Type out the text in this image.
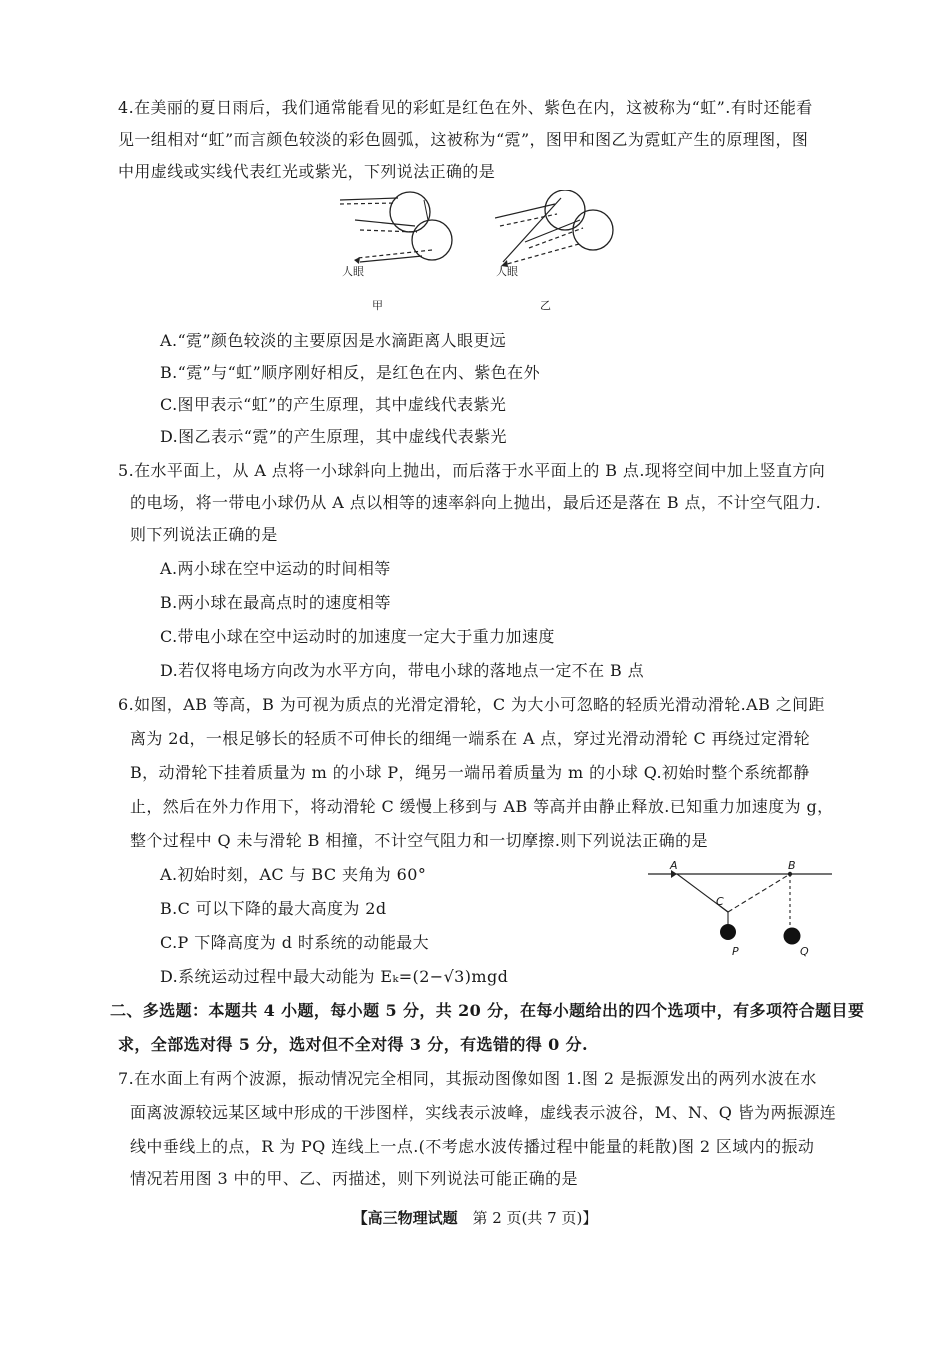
4.在美丽的夏日雨后，我们通常能看见的彩虹是红色在外、紫色在内，这被称为“虹”.有时还能看
见一组相对“虹”而言颜色较淡的彩色圆弧，这被称为“霓”，图甲和图乙为霓虹产生的原理图，图
中用虚线或实线代表红光或紫光，下列说法正确的是
人眼
甲
人眼
乙
A.“霓”颜色较淡的主要原因是水滴距离人眼更远
B.“霓”与“虹”顺序刚好相反，是红色在内、紫色在外
C.图甲表示“虹”的产生原理，其中虚线代表紫光
D.图乙表示“霓”的产生原理，其中虚线代表紫光
5.在水平面上，从 A 点将一小球斜向上抛出，而后落于水平面上的 B 点.现将空间中加上竖直方向
的电场，将一带电小球仍从 A 点以相等的速率斜向上抛出，最后还是落在 B 点，不计空气阻力.
则下列说法正确的是
A.两小球在空中运动的时间相等
B.两小球在最高点时的速度相等
C.带电小球在空中运动时的加速度一定大于重力加速度
D.若仅将电场方向改为水平方向，带电小球的落地点一定不在 B 点
6.如图，AB 等高，B 为可视为质点的光滑定滑轮，C 为大小可忽略的轻质光滑动滑轮.AB 之间距
离为 2d，一根足够长的轻质不可伸长的细绳一端系在 A 点，穿过光滑动滑轮 C 再绕过定滑轮
B，动滑轮下挂着质量为 m 的小球 P，绳另一端吊着质量为 m 的小球 Q.初始时整个系统都静
止，然后在外力作用下，将动滑轮 C 缓慢上移到与 AB 等高并由静止释放.已知重力加速度为 g，
整个过程中 Q 未与滑轮 B 相撞，不计空气阻力和一切摩擦.则下列说法正确的是
A.初始时刻，AC 与 BC 夹角为 60°
B.C 可以下降的最大高度为 2d
C.P 下降高度为 d 时系统的动能最大
D.系统运动过程中最大动能为 Eₖ=(2−√3)mgd
A	B
C
P	Q
二、多选题：本题共 4 小题，每小题 5 分，共 20 分，在每小题给出的四个选项中，有多项符合题目要
求，全部选对得 5 分，选对但不全对得 3 分，有选错的得 0 分.
7.在水面上有两个波源，振动情况完全相同，其振动图像如图 1.图 2 是振源发出的两列水波在水
面离波源较远某区域中形成的干涉图样，实线表示波峰，虚线表示波谷，M、N、Q 皆为两振源连
线中垂线上的点，R 为 PQ 连线上一点.(不考虑水波传播过程中能量的耗散)图 2 区域内的振动
情况若用图 3 中的甲、乙、丙描述，则下列说法可能正确的是
【高三物理试题 第 2 页(共 7 页)】
